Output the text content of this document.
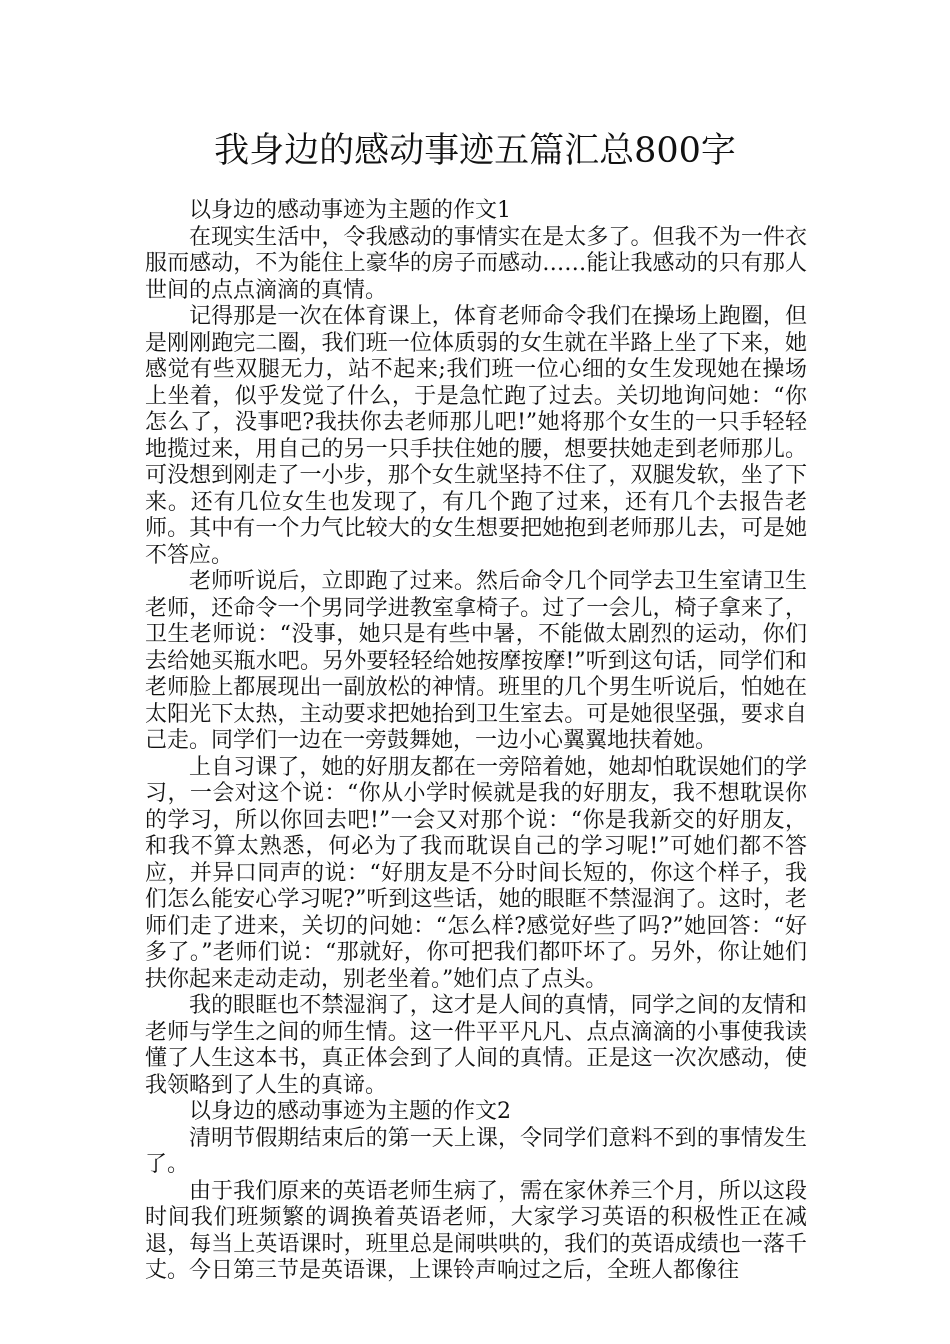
我身边的感动事迹五篇汇总800字

以身边的感动事迹为主题的作文1

在现实生活中，令我感动的事情实在是太多了。但我不为一件衣服而感动，不为能住上豪华的房子而感动……能让我感动的只有那人世间的点点滴滴的真情。

记得那是一次在体育课上，体育老师命令我们在操场上跑圈，但是刚刚跑完二圈，我们班一位体质弱的女生就在半路上坐了下来，她感觉有些双腿无力，站不起来;我们班一位心细的女生发现她在操场上坐着，似乎发觉了什么，于是急忙跑了过去。关切地询问她：“你怎么了，没事吧?我扶你去老师那儿吧!”她将那个女生的一只手轻轻地揽过来，用自己的另一只手扶住她的腰，想要扶她走到老师那儿。可没想到刚走了一小步，那个女生就坚持不住了，双腿发软，坐了下来。还有几位女生也发现了，有几个跑了过来，还有几个去报告老师。其中有一个力气比较大的女生想要把她抱到老师那儿去，可是她不答应。

老师听说后，立即跑了过来。然后命令几个同学去卫生室请卫生老师，还命令一个男同学进教室拿椅子。过了一会儿，椅子拿来了，卫生老师说：“没事，她只是有些中暑，不能做太剧烈的运动，你们去给她买瓶水吧。另外要轻轻给她按摩按摩!”听到这句话，同学们和老师脸上都展现出一副放松的神情。班里的几个男生听说后，怕她在太阳光下太热，主动要求把她抬到卫生室去。可是她很坚强，要求自己走。同学们一边在一旁鼓舞她，一边小心翼翼地扶着她。

上自习课了，她的好朋友都在一旁陪着她，她却怕耽误她们的学习，一会对这个说：“你从小学时候就是我的好朋友，我不想耽误你的学习，所以你回去吧!”一会又对那个说：“你是我新交的好朋友，和我不算太熟悉，何必为了我而耽误自己的学习呢!”可她们都不答应，并异口同声的说：“好朋友是不分时间长短的，你这个样子，我们怎么能安心学习呢?”听到这些话，她的眼眶不禁湿润了。这时，老师们走了进来，关切的问她：“怎么样?感觉好些了吗?”她回答：“好多了。”老师们说：“那就好，你可把我们都吓坏了。另外，你让她们扶你起来走动走动，别老坐着。”她们点了点头。

我的眼眶也不禁湿润了，这才是人间的真情，同学之间的友情和老师与学生之间的师生情。这一件平平凡凡、点点滴滴的小事使我读懂了人生这本书，真正体会到了人间的真情。正是这一次次感动，使我领略到了人生的真谛。

以身边的感动事迹为主题的作文2

清明节假期结束后的第一天上课，令同学们意料不到的事情发生了。

由于我们原来的英语老师生病了，需在家休养三个月，所以这段时间我们班频繁的调换着英语老师，大家学习英语的积极性正在减退，每当上英语课时，班里总是闹哄哄的，我们的英语成绩也一落千丈。今日第三节是英语课，上课铃声响过之后，全班人都像往
